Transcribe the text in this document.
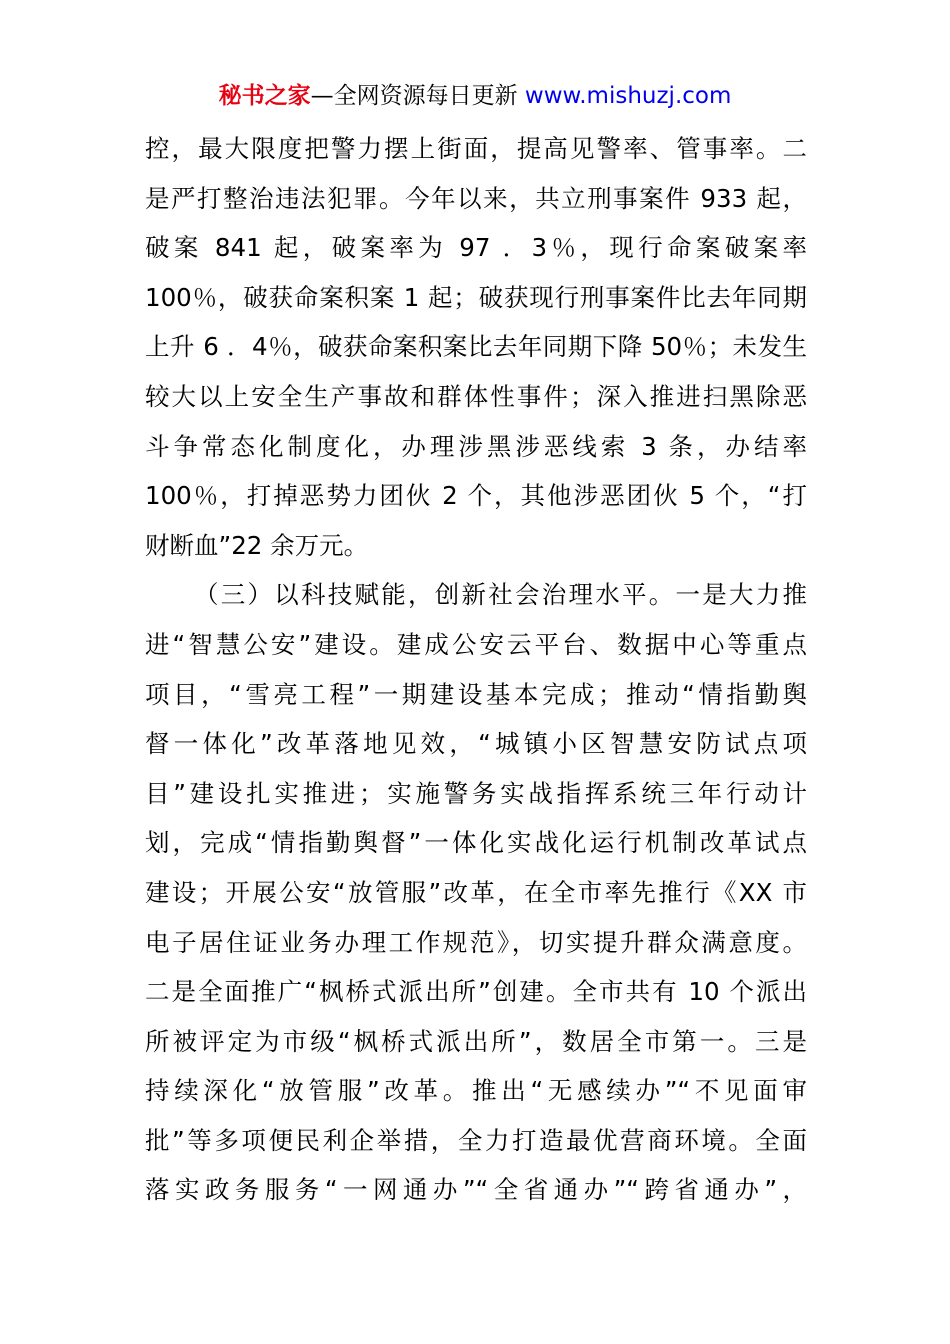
秘书之家—全网资源每日更新 www.mishuzj.com
控，最大限度把警力摆上街面，提高见警率、管事率。二
是严打整治违法犯罪。今年以来，共立刑事案件 933 起，
破案 841 起，破案率为 97 ．3％，现行命案破案率
100％，破获命案积案 1 起；破获现行刑事案件比去年同期
上升 6 ．4％，破获命案积案比去年同期下降 50％；未发生
较大以上安全生产事故和群体性事件；深入推进扫黑除恶
斗争常态化制度化，办理涉黑涉恶线索 3 条，办结率
100％，打掉恶势力团伙 2 个，其他涉恶团伙 5 个，“打
财断血”22 余万元。
（三）以科技赋能，创新社会治理水平。一是大力推
进“智慧公安”建设。建成公安云平台、数据中心等重点
项目，“雪亮工程”一期建设基本完成；推动“情指勤舆
督一体化”改革落地见效，“城镇小区智慧安防试点项
目”建设扎实推进；实施警务实战指挥系统三年行动计
划，完成“情指勤舆督”一体化实战化运行机制改革试点
建设；开展公安“放管服”改革，在全市率先推行《XX 市
电子居住证业务办理工作规范》，切实提升群众满意度。
二是全面推广“枫桥式派出所”创建。全市共有 10 个派出
所被评定为市级“枫桥式派出所”，数居全市第一。三是
持续深化“放管服”改革。推出“无感续办”“不见面审
批”等多项便民利企举措，全力打造最优营商环境。全面
落实政务服务“一网通办”“全省通办”“跨省通办”，
